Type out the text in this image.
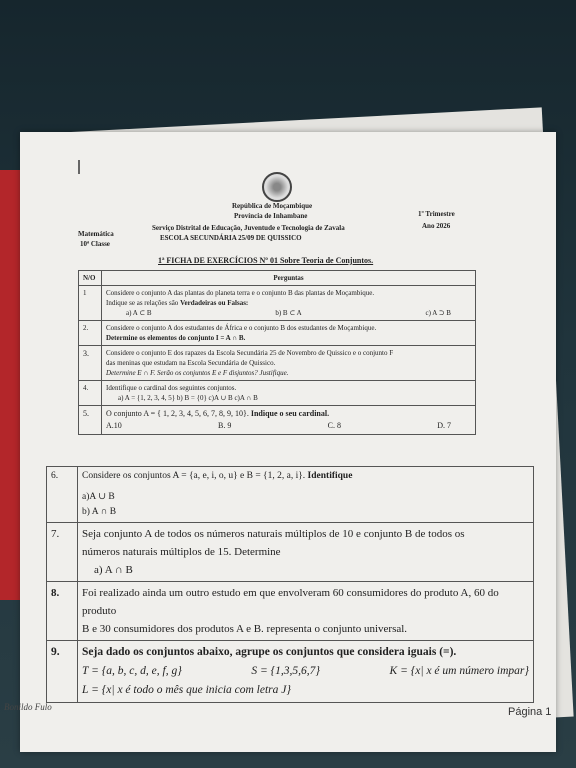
República de Moçambique
Província de Inhambane
Serviço Distrital de Educação, Juventude e Tecnologia de Zavala
ESCOLA SECUNDÁRIA 25/09 DE QUISSICO
Matemática
10ª Classe
1º Trimestre
Ano 2026
1ª FICHA DE EXERCÍCIOS Nº 01 Sobre Teoria de Conjuntos.
N/O	Perguntas
1	Considere o conjunto A das plantas do planeta terra e o conjunto B das plantas de Moçambique.
Indique se as relações são Verdadeiras ou Falsas:
a) A ⊂ B b) B ⊂ A c) A ⊃ B

2.	Considere o conjunto A dos estudantes de África e o conjunto B dos estudantes de Moçambique.
Determine os elementos do conjunto I = A ∩ B.

3.	Considere o conjunto E dos rapazes da Escola Secundária 25 de Novembro de Quissico e o conjunto F
das meninas que estudam na Escola Secundária de Quissico.
Determine E ∩ F. Serão os conjuntos E e F disjuntos? Justifique.

4.	Identifique o cardinal dos seguintes conjuntos.
a) A = {1, 2, 3, 4, 5} b) B = {0} c)A ∪ B c)A ∩ B

5.	O conjunto A = { 1, 2, 3, 4, 5, 6, 7, 8, 9, 10}. Indique o seu cardinal.
A.10 B. 9 C. 8 D. 7
6.	Considere os conjuntos A = {a, e, i, o, u} e B = {1, 2, a, i}. Identifique
a)A ∪ B
b) A ∩ B

7.	Seja conjunto A de todos os números naturais múltiplos de 10 e conjunto B de todos os
números naturais múltiplos de 15. Determine
a) A ∩ B

8.	Foi realizado ainda um outro estudo em que envolveram 60 consumidores do produto A, 60 do produto
B e 30 consumidores dos produtos A e B. representa o conjunto universal.

9.	Seja dado os conjuntos abaixo, agrupe os conjuntos que considera iguais (=).
T = {a, b, c, d, e, f, g} S = {1,3,5,6,7} K = {x| x é um número impar}
L = {x| x é todo o mês que inicia com letra J}
Bonildo Fulo	Página 1
